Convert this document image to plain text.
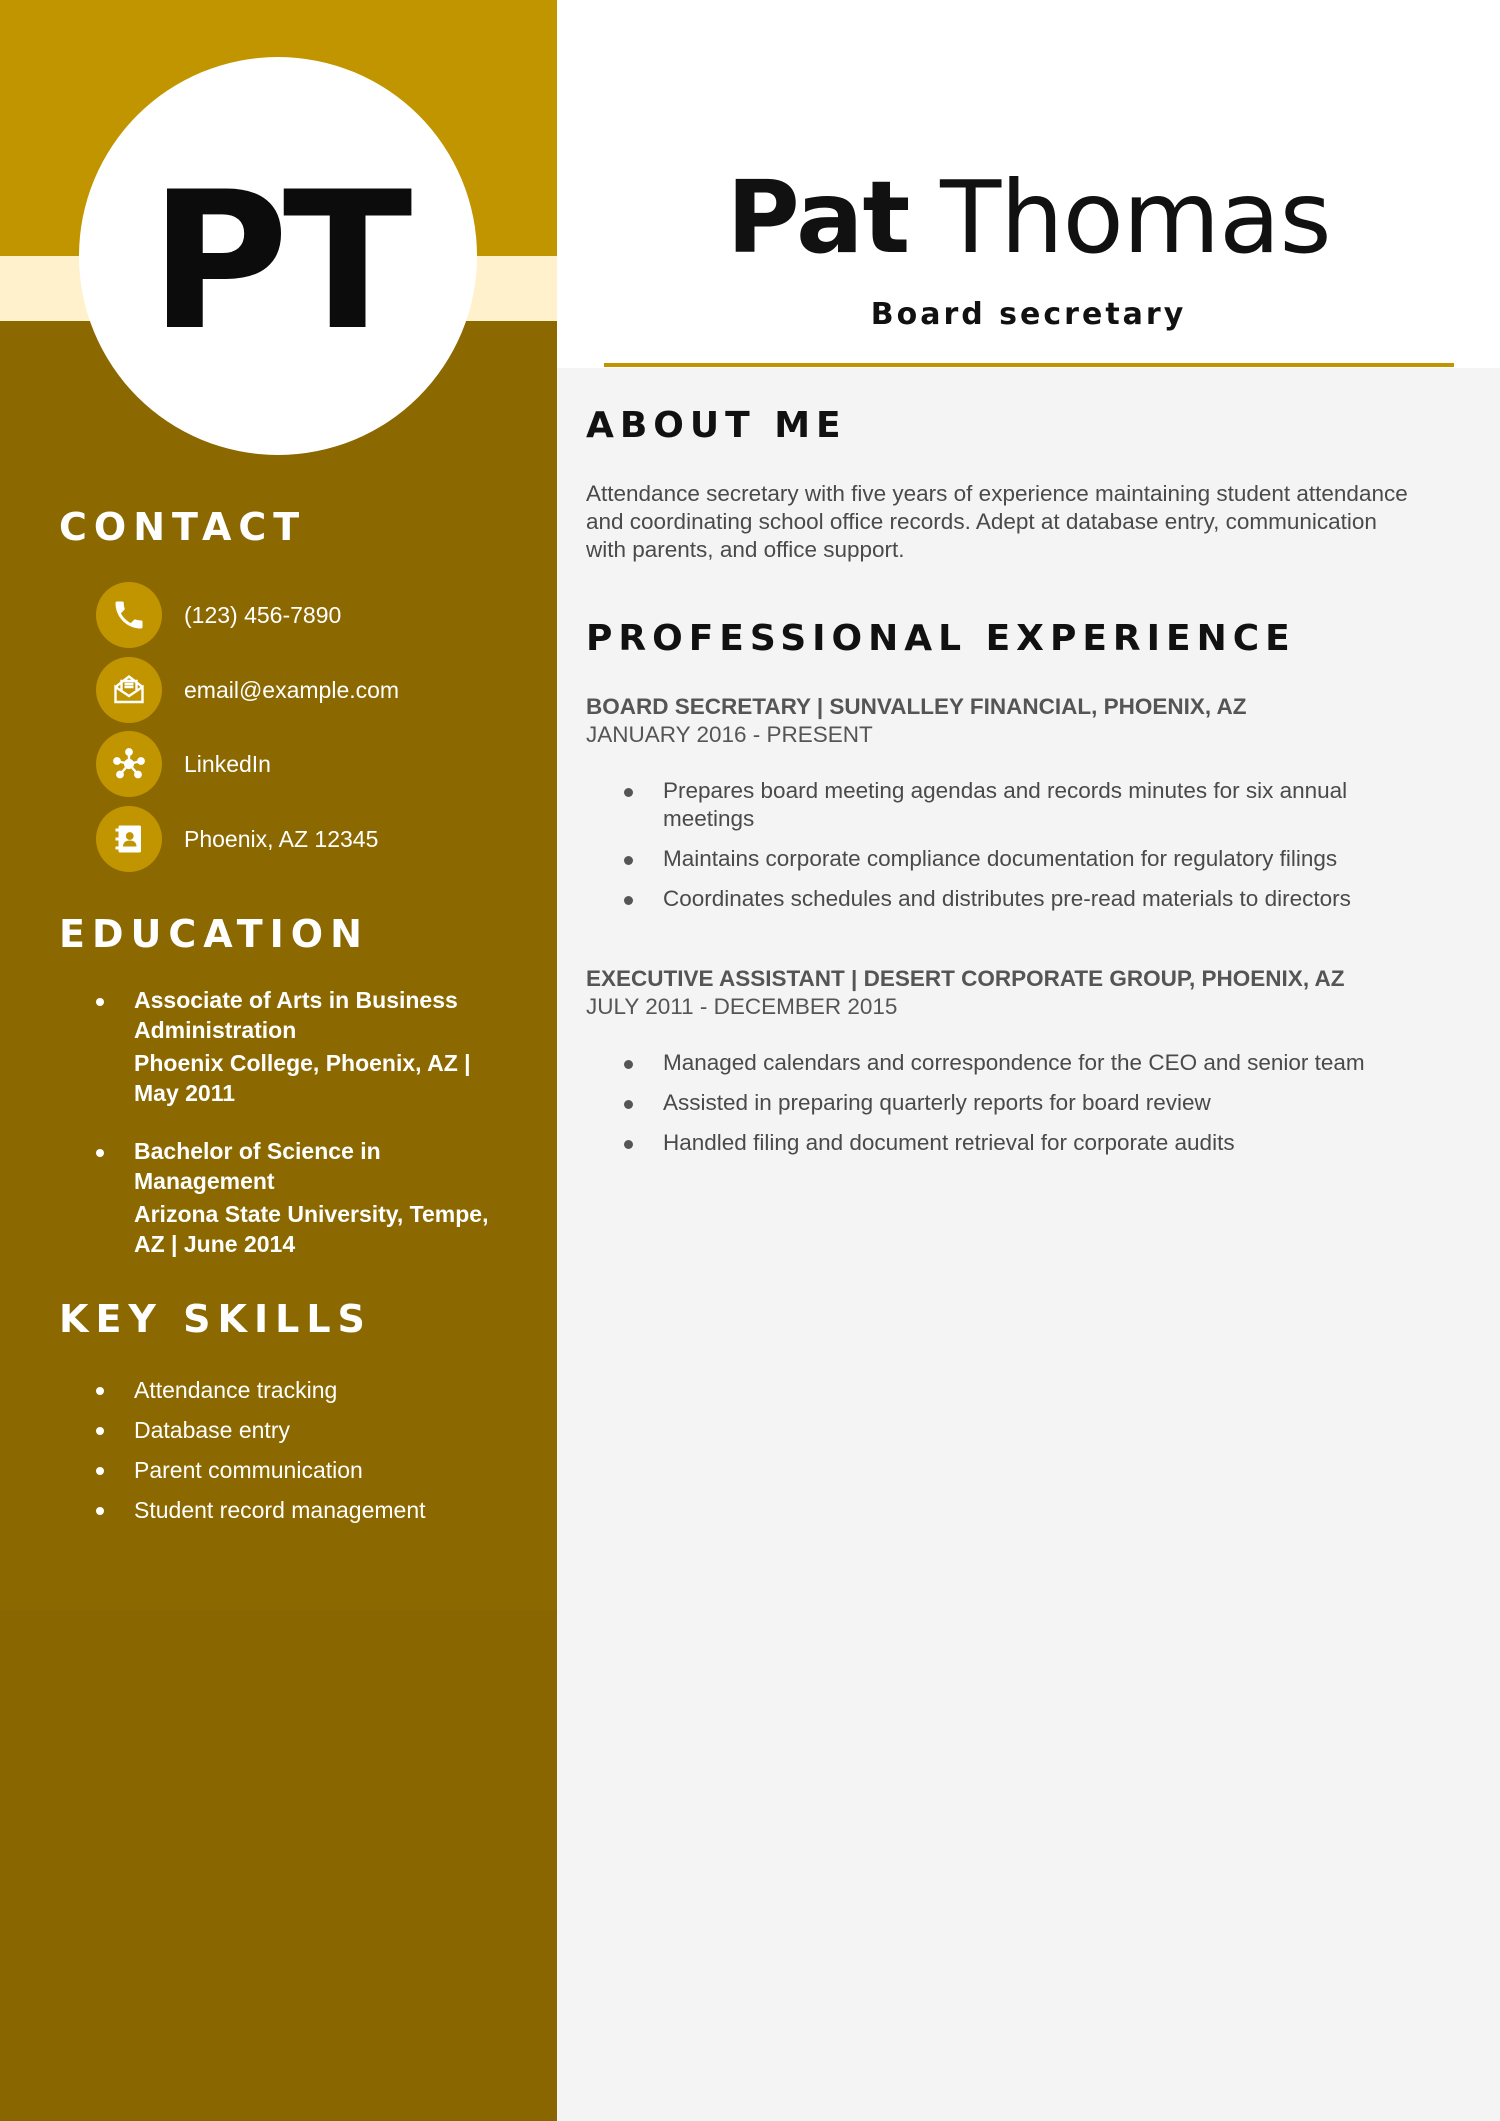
PT	Pat Thomas
Board secretary
CONTACT
(123) 456-7890
email@example.com
LinkedIn
Phoenix, AZ 12345
EDUCATION
Associate of Arts in Business Administration
Phoenix College, Phoenix, AZ | May 2011
Bachelor of Science in Management
Arizona State University, Tempe, AZ | June 2014
KEY SKILLS
Attendance tracking
Database entry
Parent communication
Student record management
ABOUT ME

Attendance secretary with five years of experience maintaining student attendance and coordinating school office records. Adept at database entry, communication with parents, and office support.

PROFESSIONAL EXPERIENCE
BOARD SECRETARY | SUNVALLEY FINANCIAL, PHOENIX, AZ
JANUARY 2016 - PRESENT
Prepares board meeting agendas and records minutes for six annual meetings
Maintains corporate compliance documentation for regulatory filings
Coordinates schedules and distributes pre-read materials to directors
EXECUTIVE ASSISTANT | DESERT CORPORATE GROUP, PHOENIX, AZ
JULY 2011 - DECEMBER 2015
Managed calendars and correspondence for the CEO and senior team
Assisted in preparing quarterly reports for board review
Handled filing and document retrieval for corporate audits
